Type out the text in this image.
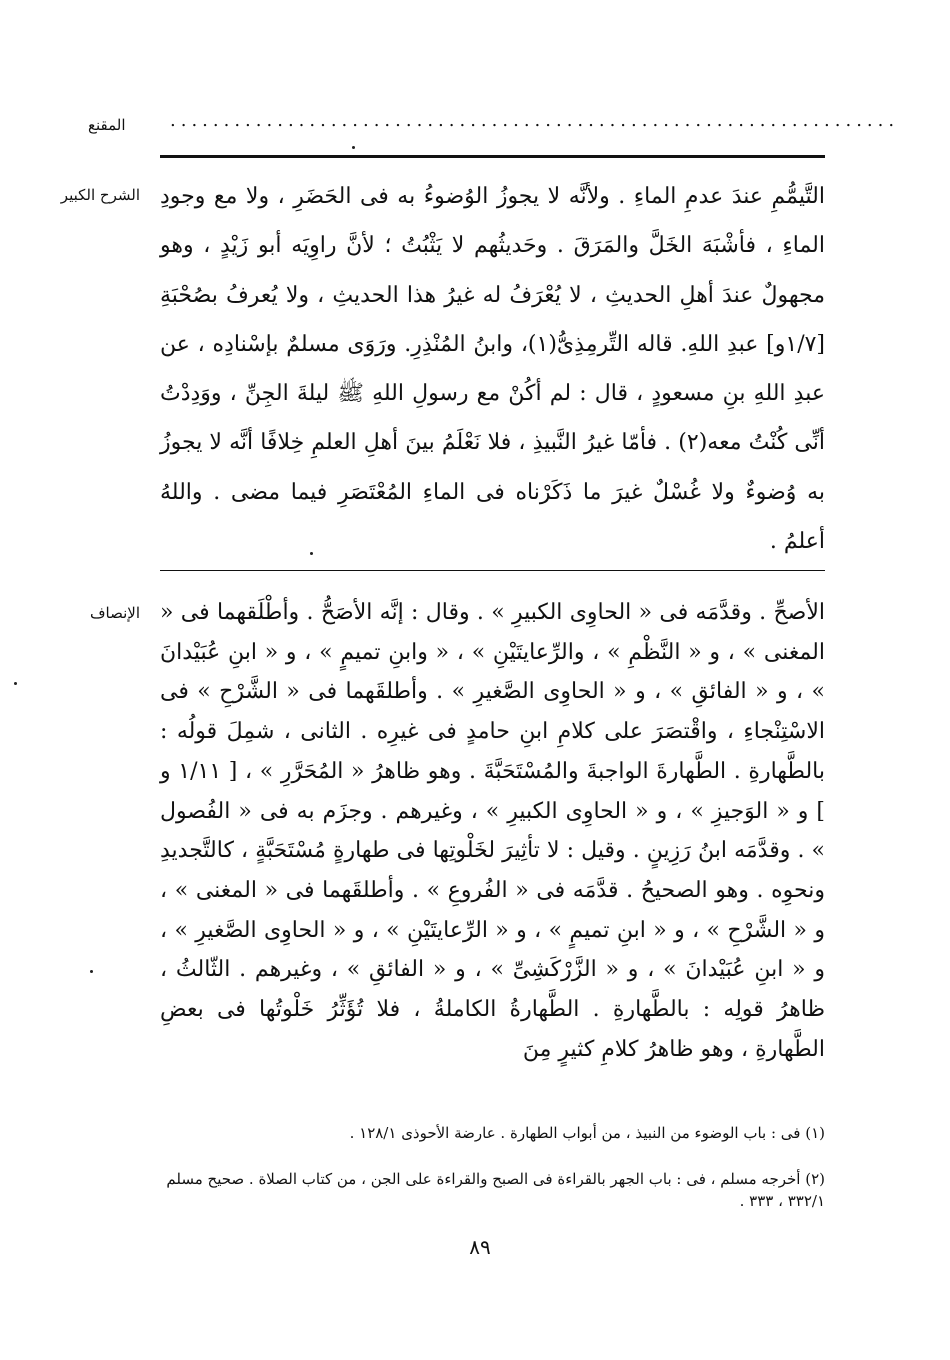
المقنع ....................................................................
الشرح الكبير التَّيمُّمِ عندَ عدمِ الماءِ . ولأنَّه لا يجوزُ الوُضوءُ به فى الحَضَرِ ، ولا مع وجودِ الماءِ ، فأشْبَهَ الخَلَّ والمَرَقَ . وحَديثُهم لا يَثْبُتُ ؛ لأنَّ راوِيَه أبو زَيْدٍ ، وهو مجهولٌ عندَ أهلِ الحديثِ ، لا يُعْرَفُ له غيرُ هذا الحديثِ ، ولا يُعرفُ بصُحْبَةِ [١/٧و] عبدِ اللهِ. قاله التِّرمِذِىُّ(١)، وابنُ المُنْذِرِ. ورَوَى مسلمٌ بإسْنادِه ، عن عبدِ اللهِ بنِ مسعودٍ ، قال : لم أكُنْ مع رسولِ اللهِ ﷺ ليلةَ الجِنِّ ، ووَدِدْتُ أنِّى كُنْتُ معه(٢) . فأمّا غيرُ النَّبيذِ ، فلا نَعْلَمُ بينَ أهلِ العلمِ خِلافًا أنَّه لا يجوزُ به وُضوءٌ ولا غُسْلٌ غيرَ ما ذَكَرْناه فى الماءِ المُعْتَصَرِ فيما مضى . واللهُ أعلمُ .

الإنصاف الأصحِّ . وقدَّمَه فى « الحاوِى الكبيرِ » . وقال : إنَّه الأصَحُّ . وأطْلَقهما فى « المغنى » ، و « النَّظْمِ » ، والرِّعايتَيْنِ » ، « وابنِ تميمٍ » ، و « ابنِ عُبَيْدانَ » ، و « الفائقِ » ، و « الحاوِى الصَّغيرِ » . وأطلقَهما فى « الشَّرْحِ » فى الاسْتِنْجاءِ ، واقْتصَرَ على كلامِ ابنِ حامدٍ فى غيرِه . الثانى ، شمِلَ قولُه : بالطَّهارةِ . الطَّهارةَ الواجبةَ والمُسْتَحَبَّةَ . وهو ظاهرُ « المُحَرَّرِ » ، [ ١/١١ و ] و « الوَجيزِ » ، و « الحاوِى الكبيرِ » ، وغيرهم . وجزَم به فى « الفُصول » . وقدَّمَه ابنُ رَزِينٍ . وقيل : لا تأثِيرَ لخَلْوتِها فى طهارةٍ مُسْتَحَبَّةٍ ، كالتَّجديدِ ونحوِه . وهو الصحيحُ . قدَّمَه فى « الفُروعِ » . وأطلقَهما فى « المغنى » ، و « الشَّرْحِ » ، و « ابنِ تميمٍ » ، و « الرِّعايتَيْنِ » ، و « الحاوِى الصَّغيرِ » ، و « ابنِ عُبَيْدانَ » ، و « الزَّرْكَشِىِّ » ، و « الفائقِ » ، وغيرهم . الثّالثُ ، ظاهرُ قولِه : بالطَّهارةِ . الطَّهارةُ الكاملةُ ، فلا تُؤَثِّرُ خَلْوتُها فى بعضِ الطَّهارةِ ، وهو ظاهرُ كلامِ كثيرٍ مِنَ

(١) فى : باب الوضوء من النبيذ ، من أبواب الطهارة . عارضة الأحوذى ١٢٨/١ .
(٢) أخرجه مسلم ، فى : باب الجهر بالقراءة فى الصبح والقراءة على الجن ، من كتاب الصلاة . صحيح مسلم ٣٣٢/١ ، ٣٣٣ .
٨٩
